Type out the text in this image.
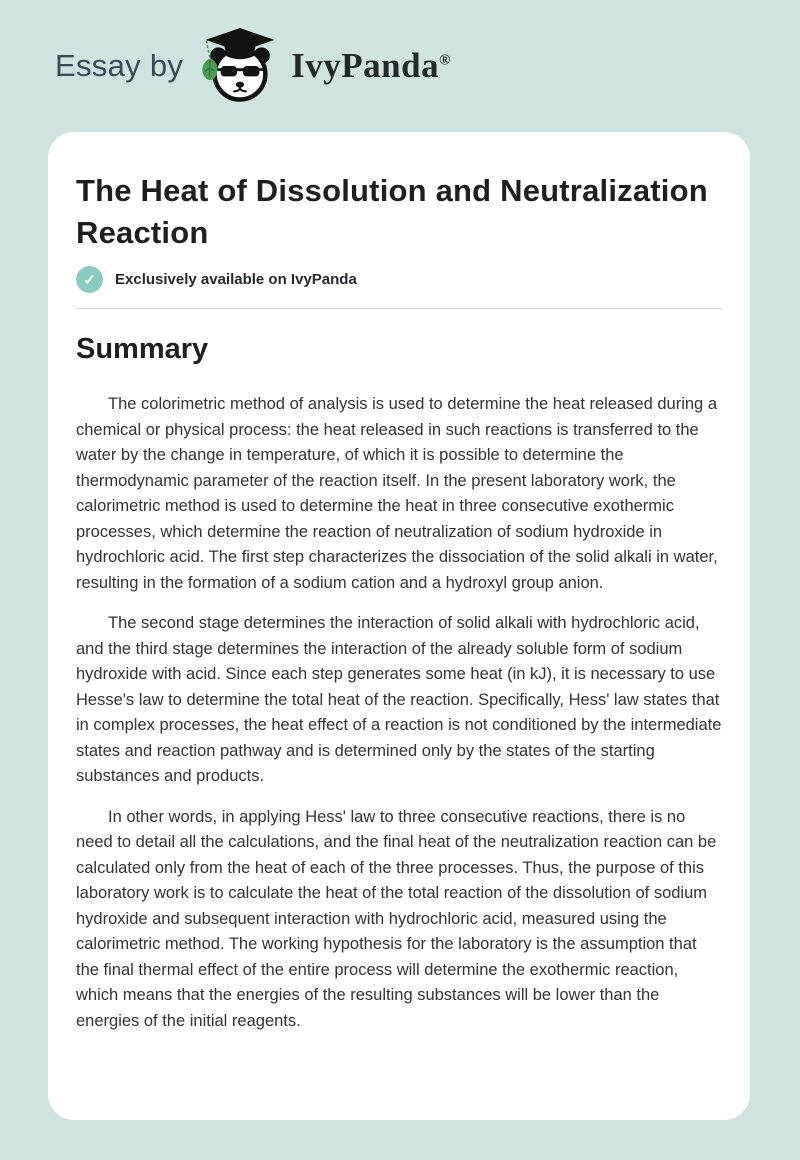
Essay by	IvyPanda®
The Heat of Dissolution and Neutralization Reaction
✓	Exclusively available on IvyPanda
Summary

The colorimetric method of analysis is used to determine the heat released during a chemical or physical process: the heat released in such reactions is transferred to the water by the change in temperature, of which it is possible to determine the thermodynamic parameter of the reaction itself. In the present laboratory work, the calorimetric method is used to determine the heat in three consecutive exothermic processes, which determine the reaction of neutralization of sodium hydroxide in hydrochloric acid. The first step characterizes the dissociation of the solid alkali in water, resulting in the formation of a sodium cation and a hydroxyl group anion.

The second stage determines the interaction of solid alkali with hydrochloric acid, and the third stage determines the interaction of the already soluble form of sodium hydroxide with acid. Since each step generates some heat (in kJ), it is necessary to use Hesse's law to determine the total heat of the reaction. Specifically, Hess' law states that in complex processes, the heat effect of a reaction is not conditioned by the intermediate states and reaction pathway and is determined only by the states of the starting substances and products.

In other words, in applying Hess' law to three consecutive reactions, there is no need to detail all the calculations, and the final heat of the neutralization reaction can be calculated only from the heat of each of the three processes. Thus, the purpose of this laboratory work is to calculate the heat of the total reaction of the dissolution of sodium hydroxide and subsequent interaction with hydrochloric acid, measured using the calorimetric method. The working hypothesis for the laboratory is the assumption that the final thermal effect of the entire process will determine the exothermic reaction, which means that the energies of the resulting substances will be lower than the energies of the initial reagents.
